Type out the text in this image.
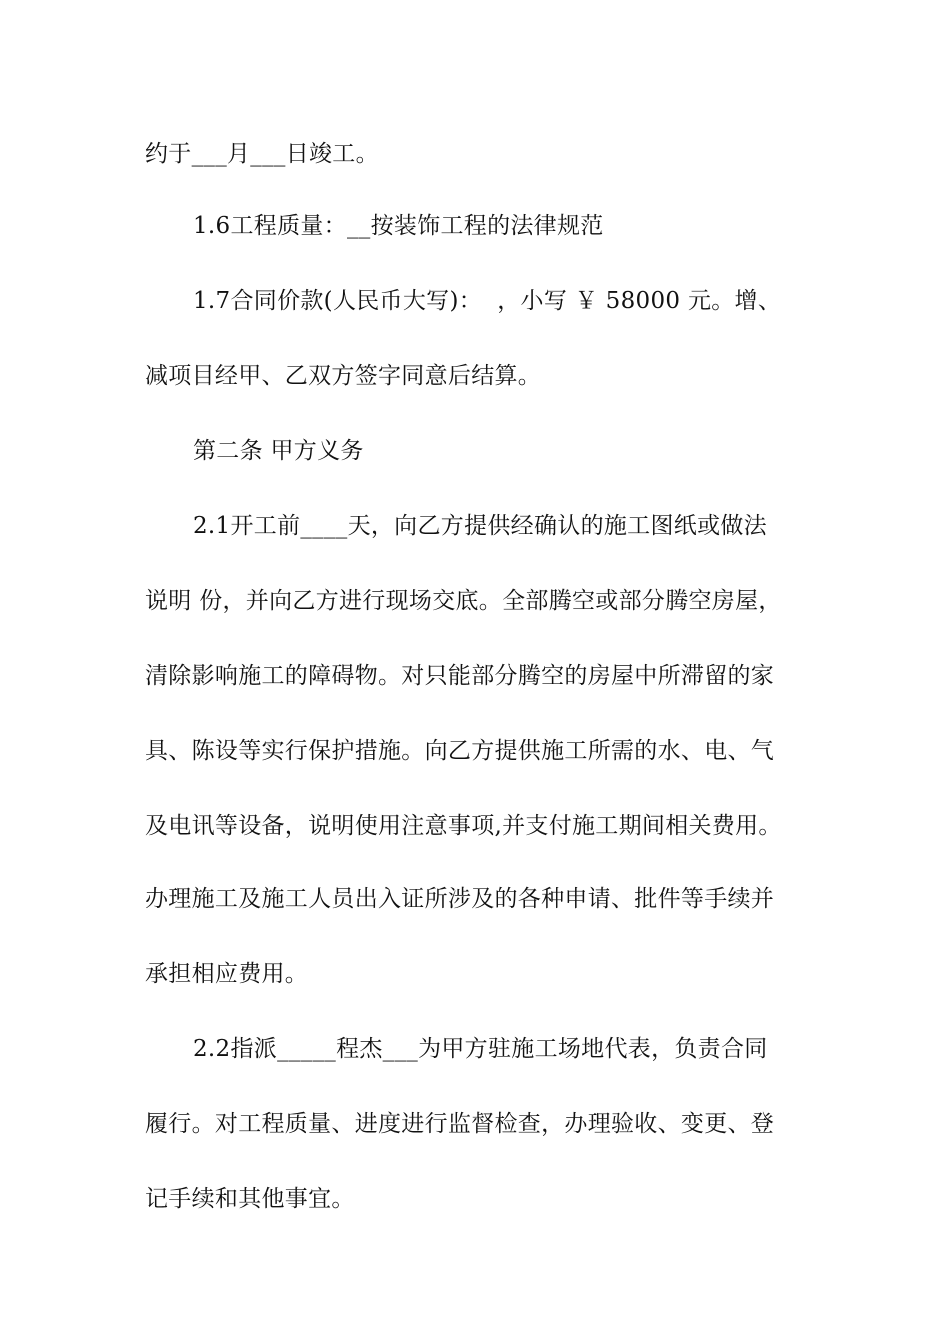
约于___月___日竣工。
1.6工程质量：__按装饰工程的法律规范
1.7合同价款(人民币大写)：  ，小写 ￥ 58000 元。增、
减项目经甲、乙双方签字同意后结算。
第二条 甲方义务
2.1开工前____天，向乙方提供经确认的施工图纸或做法
说明 份，并向乙方进行现场交底。全部腾空或部分腾空房屋，
清除影响施工的障碍物。对只能部分腾空的房屋中所滞留的家
具、陈设等实行保护措施。向乙方提供施工所需的水、电、气
及电讯等设备，说明使用注意事项,并支付施工期间相关费用。
办理施工及施工人员出入证所涉及的各种申请、批件等手续并
承担相应费用。
2.2指派_____程杰___为甲方驻施工场地代表，负责合同
履行。对工程质量、进度进行监督检查，办理验收、变更、登
记手续和其他事宜。
